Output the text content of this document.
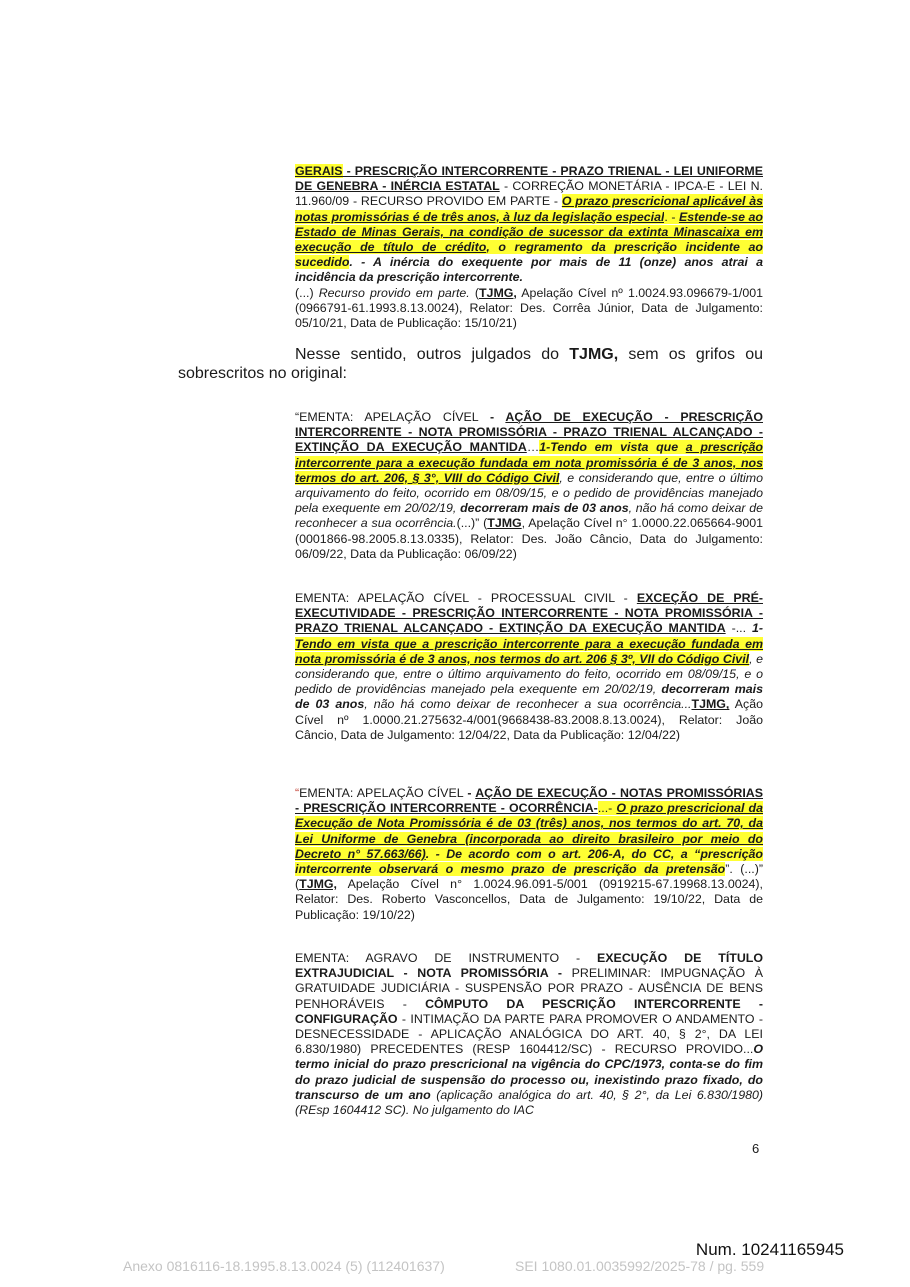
GERAIS - PRESCRIÇÃO INTERCORRENTE - PRAZO TRIENAL - LEI UNIFORME DE GENEBRA - INÉRCIA ESTATAL - CORREÇÃO MONETÁRIA - IPCA-E - LEI N. 11.960/09 - RECURSO PROVIDO EM PARTE - O prazo prescricional aplicável às notas promissórias é de três anos, à luz da legislação especial. - Estende-se ao Estado de Minas Gerais, na condição de sucessor da extinta Minascaixa em execução de título de crédito, o regramento da prescrição incidente ao sucedido. - A inércia do exequente por mais de 11 (onze) anos atrai a incidência da prescrição intercorrente.
(...) Recurso provido em parte. (TJMG, Apelação Cível nº 1.0024.93.096679-1/001 (0966791-61.1993.8.13.0024), Relator: Des. Corrêa Júnior, Data de Julgamento: 05/10/21, Data de Publicação: 15/10/21)

Nesse sentido, outros julgados do TJMG, sem os grifos ou sobrescritos no original:

“EMENTA: APELAÇÃO CÍVEL - AÇÃO DE EXECUÇÃO - PRESCRIÇÃO INTERCORRENTE - NOTA PROMISSÓRIA - PRAZO TRIENAL ALCANÇADO - EXTINÇÃO DA EXECUÇÃO MANTIDA…1-Tendo em vista que a prescrição intercorrente para a execução fundada em nota promissória é de 3 anos, nos termos do art. 206, § 3°, VIII do Código Civil, e considerando que, entre o último arquivamento do feito, ocorrido em 08/09/15, e o pedido de providências manejado pela exequente em 20/02/19, decorreram mais de 03 anos, não há como deixar de reconhecer a sua ocorrência.(...)” (TJMG, Apelação Cível n° 1.0000.22.065664-9001 (0001866-98.2005.8.13.0335), Relator: Des. João Câncio, Data do Julgamento: 06/09/22, Data da Publicação: 06/09/22)

EMENTA: APELAÇÃO CÍVEL - PROCESSUAL CIVIL - EXCEÇÃO DE PRÉ-EXECUTIVIDADE - PRESCRIÇÃO INTERCORRENTE - NOTA PROMISSÓRIA - PRAZO TRIENAL ALCANÇADO - EXTINÇÃO DA EXECUÇÃO MANTIDA -... 1- Tendo em vista que a prescrição intercorrente para a execução fundada em nota promissória é de 3 anos, nos termos do art. 206 § 3º, VII do Código Civil, e considerando que, entre o último arquivamento do feito, ocorrido em 08/09/15, e o pedido de providências manejado pela exequente em 20/02/19, decorreram mais de 03 anos, não há como deixar de reconhecer a sua ocorrência...TJMG, Ação Cível nº 1.0000.21.275632-4/001(9668438-83.2008.8.13.0024), Relator: João Câncio, Data de Julgamento: 12/04/22, Data da Publicação: 12/04/22)

“EMENTA: APELAÇÃO CÍVEL - AÇÃO DE EXECUÇÃO - NOTAS PROMISSÓRIAS - PRESCRIÇÃO INTERCORRENTE - OCORRÊNCIA-...- O prazo prescricional da Execução de Nota Promissória é de 03 (três) anos, nos termos do art. 70, da Lei Uniforme de Genebra (incorporada ao direito brasileiro por meio do Decreto n° 57.663/66). - De acordo com o art. 206-A, do CC, a “prescrição intercorrente observará o mesmo prazo de prescrição da pretensão”. (...)” (TJMG, Apelação Cível n° 1.0024.96.091-5/001 (0919215-67.19968.13.0024), Relator: Des. Roberto Vasconcellos, Data de Julgamento: 19/10/22, Data de Publicação: 19/10/22)

EMENTA: AGRAVO DE INSTRUMENTO - EXECUÇÃO DE TÍTULO EXTRAJUDICIAL - NOTA PROMISSÓRIA - PRELIMINAR: IMPUGNAÇÃO À GRATUIDADE JUDICIÁRIA - SUSPENSÃO POR PRAZO - AUSÊNCIA DE BENS PENHORÁVEIS - CÔMPUTO DA PESCRIÇÃO INTERCORRENTE - CONFIGURAÇÃO - INTIMAÇÃO DA PARTE PARA PROMOVER O ANDAMENTO - DESNECESSIDADE - APLICAÇÃO ANALÓGICA DO ART. 40, § 2°, DA LEI 6.830/1980) PRECEDENTES (RESP 1604412/SC) - RECURSO PROVIDO...O termo inicial do prazo prescricional na vigência do CPC/1973, conta-se do fim do prazo judicial de suspensão do processo ou, inexistindo prazo fixado, do transcurso de um ano (aplicação analógica do art. 40, § 2°, da Lei 6.830/1980) (REsp 1604412 SC). No julgamento do IAC

6
Num. 10241165945
Anexo 0816116-18.1995.8.13.0024 (5) (112401637)	SEI 1080.01.0035992/2025-78 / pg. 559
